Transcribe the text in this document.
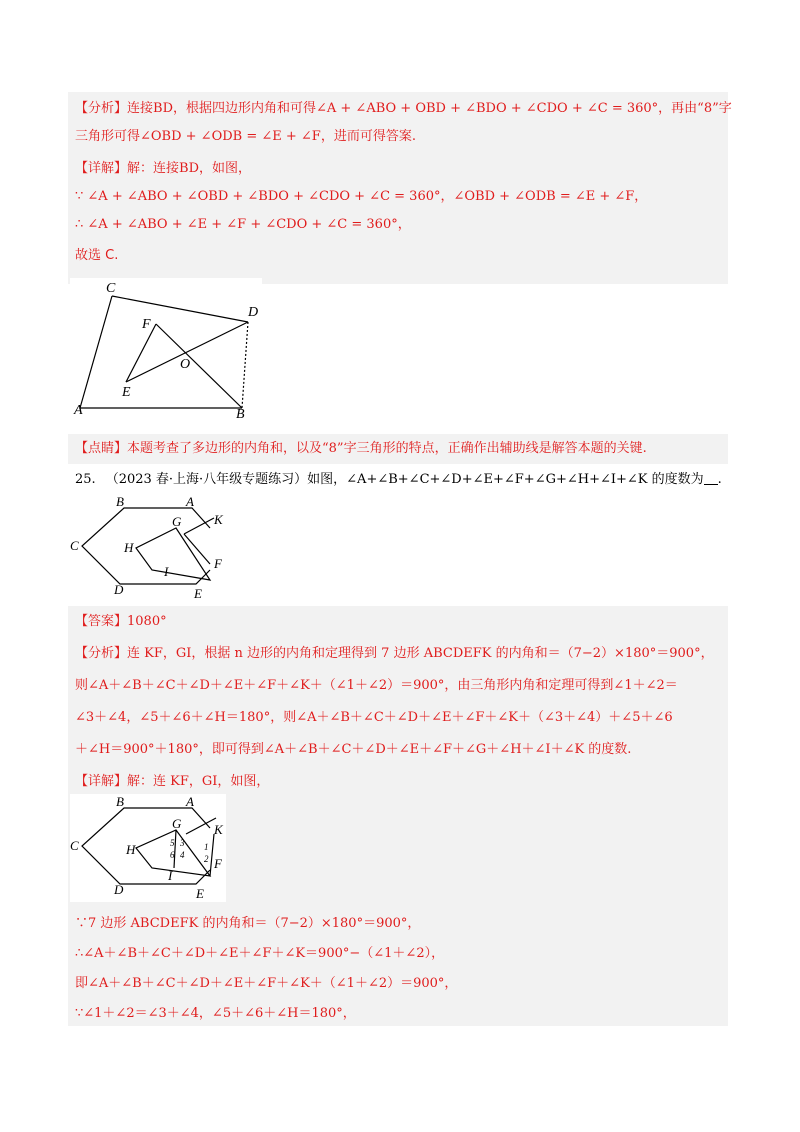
【分析】连接BD，根据四边形内角和可得∠A + ∠ABO + OBD + ∠BDO + ∠CDO + ∠C = 360°，再由“8”字
三角形可得∠OBD + ∠ODB = ∠E + ∠F，进而可得答案.
【详解】解：连接BD，如图，
∵ ∠A + ∠ABO + ∠OBD + ∠BDO + ∠CDO + ∠C = 360°，∠OBD + ∠ODB = ∠E + ∠F，
∴ ∠A + ∠ABO + ∠E + ∠F + ∠CDO + ∠C = 360°，
故选 C.
C
D
F
O
E
A	B
【点睛】本题考查了多边形的内角和，以及“8”字三角形的特点，正确作出辅助线是解答本题的关键.
25. （2023 春·上海·八年级专题练习）如图，∠A+∠B+∠C+∠D+∠E+∠F+∠G+∠H+∠I+∠K 的度数为 .
B	A
C
G	K
H
F
I
D	E
【答案】1080°
【分析】连 KF，GI，根据 n 边形的内角和定理得到 7 边形 ABCDEFK 的内角和＝（7−2）×180°＝900°，
则∠A＋∠B＋∠C＋∠D＋∠E＋∠F＋∠K＋（∠1＋∠2）＝900°，由三角形内角和定理可得到∠1＋∠2＝
∠3＋∠4，∠5＋∠6＋∠H＝180°，则∠A＋∠B＋∠C＋∠D＋∠E＋∠F＋∠K＋（∠3＋∠4）＋∠5＋∠6
＋∠H＝900°＋180°，即可得到∠A＋∠B＋∠C＋∠D＋∠E＋∠F＋∠G＋∠H＋∠I＋∠K 的度数.
【详解】解：连 KF，GI，如图，
B	A
C
G	K
H
F
I
D	E
5 3
6 4
1
2
∵7 边形 ABCDEFK 的内角和＝（7−2）×180°＝900°，
∴∠A＋∠B＋∠C＋∠D＋∠E＋∠F＋∠K＝900°−（∠1＋∠2），
即∠A＋∠B＋∠C＋∠D＋∠E＋∠F＋∠K＋（∠1＋∠2）＝900°，
∵∠1＋∠2＝∠3＋∠4，∠5＋∠6＋∠H＝180°，
